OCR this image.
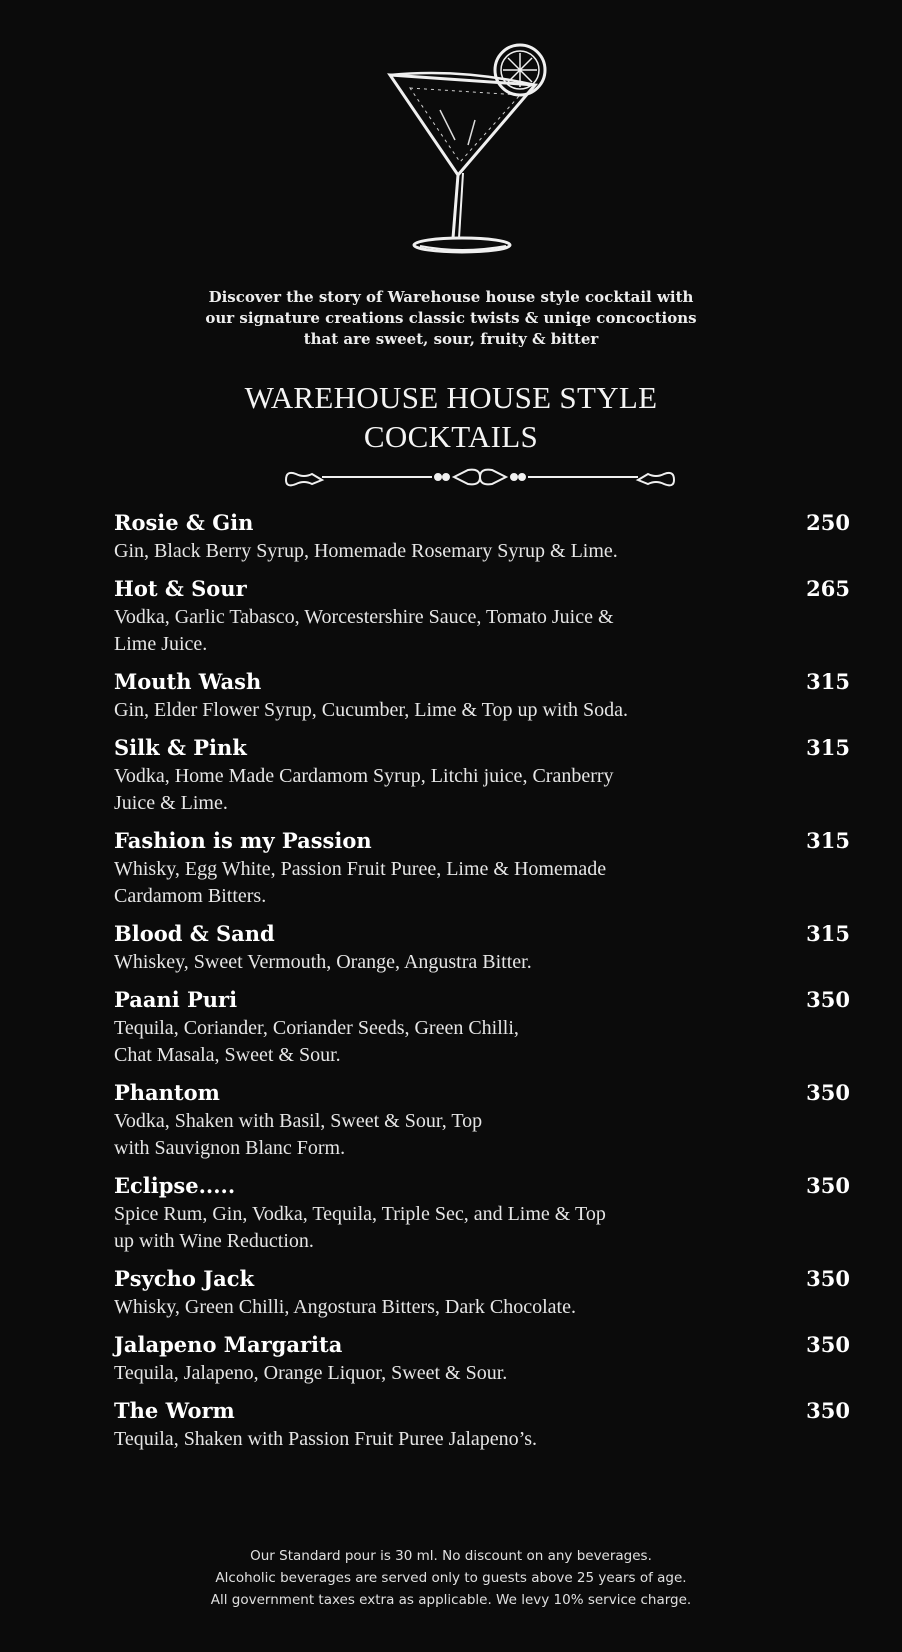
Discover the story of Warehouse house style cocktail with
our signature creations classic twists & uniqe concoctions
that are sweet, sour, fruity & bitter
WAREHOUSE HOUSE STYLE
COCKTAILS
Rosie & Gin	250
Gin, Black Berry Syrup, Homemade Rosemary Syrup & Lime.
Hot & Sour	265
Vodka, Garlic Tabasco, Worcestershire Sauce, Tomato Juice &
Lime Juice.
Mouth Wash	315
Gin, Elder Flower Syrup, Cucumber, Lime & Top up with Soda.
Silk & Pink	315
Vodka, Home Made Cardamom Syrup, Litchi juice, Cranberry
Juice & Lime.
Fashion is my Passion	315
Whisky, Egg White, Passion Fruit Puree, Lime & Homemade
Cardamom Bitters.
Blood & Sand	315
Whiskey, Sweet Vermouth, Orange, Angustra Bitter.
Paani Puri	350
Tequila, Coriander, Coriander Seeds, Green Chilli,
Chat Masala, Sweet & Sour.
Phantom	350
Vodka, Shaken with Basil, Sweet & Sour, Top
with Sauvignon Blanc Form.
Eclipse.....	350
Spice Rum, Gin, Vodka, Tequila, Triple Sec, and Lime & Top
up with Wine Reduction.
Psycho Jack	350
Whisky, Green Chilli, Angostura Bitters, Dark Chocolate.
Jalapeno Margarita	350
Tequila, Jalapeno, Orange Liquor, Sweet & Sour.
The Worm	350
Tequila, Shaken with Passion Fruit Puree Jalapeno’s.
Our Standard pour is 30 ml. No discount on any beverages.
Alcoholic beverages are served only to guests above 25 years of age.
All government taxes extra as applicable. We levy 10% service charge.
